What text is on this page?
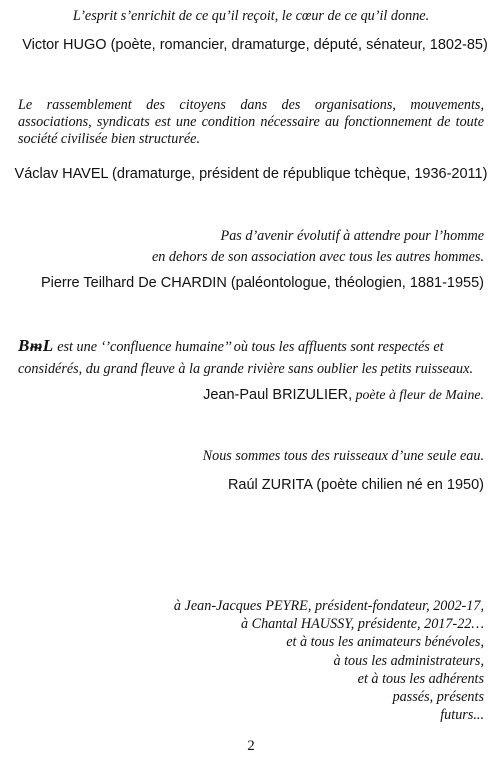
L’esprit s’enrichit de ce qu’il reçoit, le cœur de ce qu’il donne.

Victor HUGO (poète, romancier, dramaturge, député, sénateur, 1802-85)

Le rassemblement des citoyens dans des organisations, mouvements,
associations, syndicats est une condition nécessaire au fonctionnement de toute
société civilisée bien structurée.

Václav HAVEL (dramaturge, président de république tchèque, 1936-2011)

Pas d’avenir évolutif à attendre pour l’homme
en dehors de son association avec tous les autres hommes.

Pierre Teilhard De CHARDIN (paléontologue, théologien, 1881-1955)

BᵯL est une ‘’confluence humaine’’ où tous les affluents sont respectés et
considérés, du grand fleuve à la grande rivière sans oublier les petits ruisseaux.

Jean-Paul BRIZULIER, poète à fleur de Maine.

Nous sommes tous des ruisseaux d’une seule eau.

Raúl ZURITA (poète chilien né en 1950)

à Jean-Jacques PEYRE, président-fondateur, 2002-17,
à Chantal HAUSSY, présidente, 2017-22…
et à tous les animateurs bénévoles,
à tous les administrateurs,
et à tous les adhérents
passés, présents
futurs...

2
